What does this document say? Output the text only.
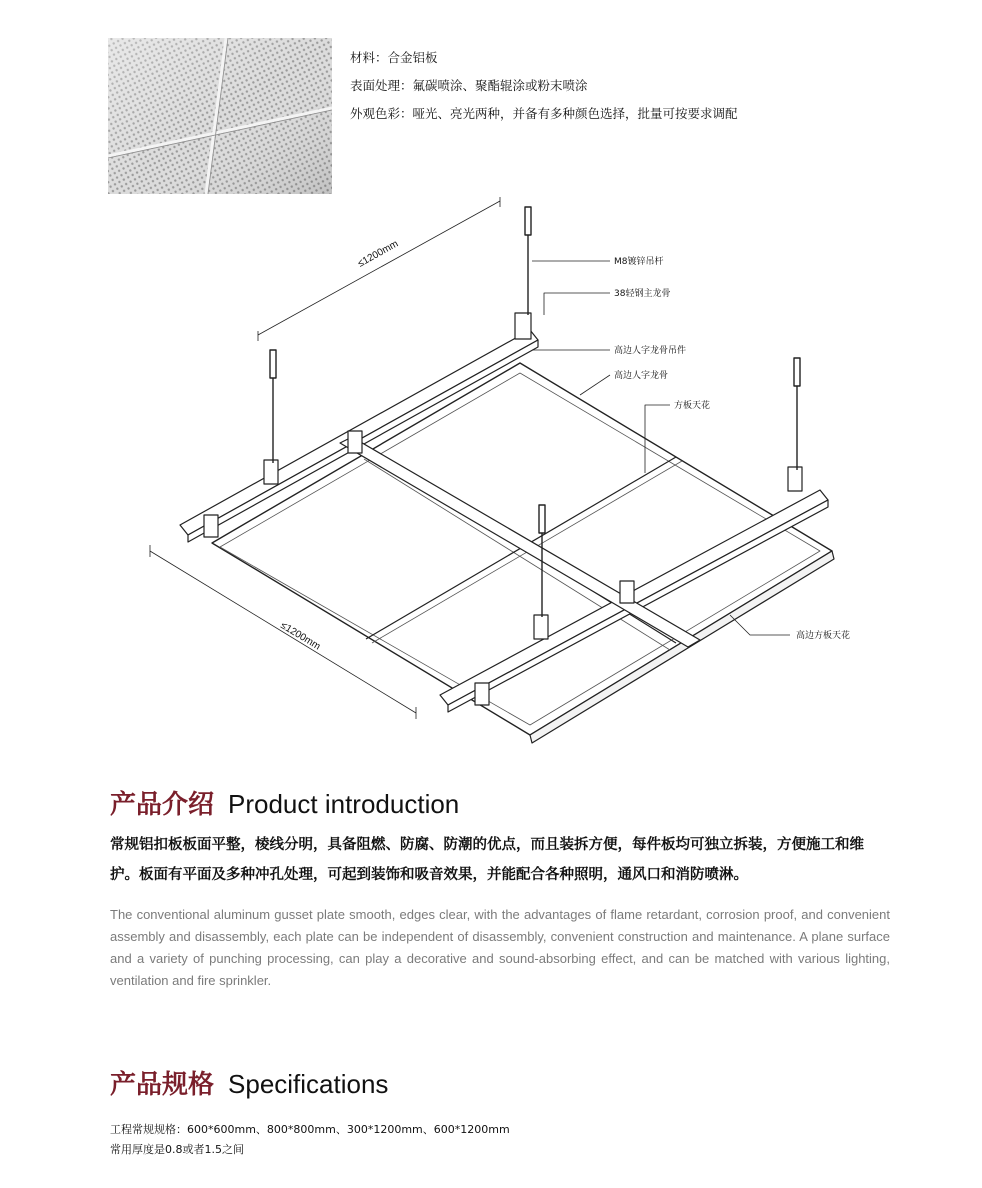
材料：合金铝板
表面处理：氟碳喷涂、聚酯辊涂或粉末喷涂
外观色彩：哑光、亮光两种，并备有多种颜色选择，批量可按要求调配
≤1200mm
≤1200mm
M8镀锌吊杆
38轻钢主龙骨
高边人字龙骨吊件
高边人字龙骨
方板天花
高边方板天花
产品介绍 Product introduction
常规铝扣板板面平整，棱线分明，具备阻燃、防腐、防潮的优点，而且装拆方便，每件板均可独立拆装，方便施工和维护。板面有平面及多种冲孔处理，可起到装饰和吸音效果，并能配合各种照明，通风口和消防喷淋。
The conventional aluminum gusset plate smooth, edges clear, with the advantages of flame retardant, corrosion proof, and convenient assembly and disassembly, each plate can be independent of disassembly, convenient construction and maintenance. A plane surface and a variety of punching processing, can play a decorative and sound-absorbing effect, and can be matched with various lighting, ventilation and fire sprinkler.
产品规格 Specifications
工程常规规格：600*600mm、800*800mm、300*1200mm、600*1200mm
常用厚度是0.8或者1.5之间
